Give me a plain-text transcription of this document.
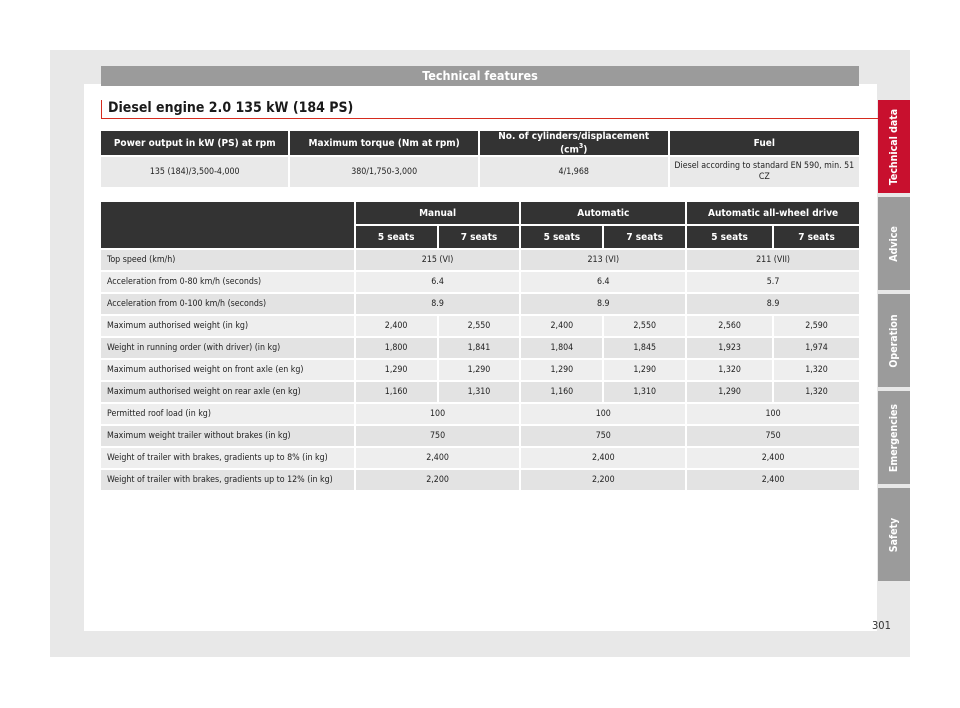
Technical features
Diesel engine 2.0 135 kW (184 PS)
Power output in kW (PS) at rpm	Maximum torque (Nm at rpm)	No. of cylinders/displacement $(cm^3)$	Fuel
135 (184)/3,500-4,000	380/1,750-3,000	4/1,968	Diesel according to standard EN 590, min. 51 CZ
	Manual		Automatic		Automatic all-wheel drive	
	5 seats	7 seats	5 seats	7 seats	5 seats	7 seats
Top speed (km/h)	215 (VI)		213 (VI)		211 (VII)	
Acceleration from 0-80 km/h (seconds)	6.4		6.4		5.7	
Acceleration from 0-100 km/h (seconds)	8.9		8.9		8.9	
Maximum authorised weight (in kg)	2,400	2,550	2,400	2,550	2,560	2,590
Weight in running order (with driver) (in kg)	1,800	1,841	1,804	1,845	1,923	1,974
Maximum authorised weight on front axle (en kg)	1,290	1,290	1,290	1,290	1,320	1,320
Maximum authorised weight on rear axle (en kg)	1,160	1,310	1,160	1,310	1,290	1,320
Permitted roof load (in kg)	100		100		100	
Maximum weight trailer without brakes (in kg)	750		750		750	
Weight of trailer with brakes, gradients up to 8% (in kg)	2,400		2,400		2,400	
Weight of trailer with brakes, gradients up to 12% (in kg)	2,200		2,200		2,400	
Technical data
Advice
Operation
Emergencies
Safety
301
